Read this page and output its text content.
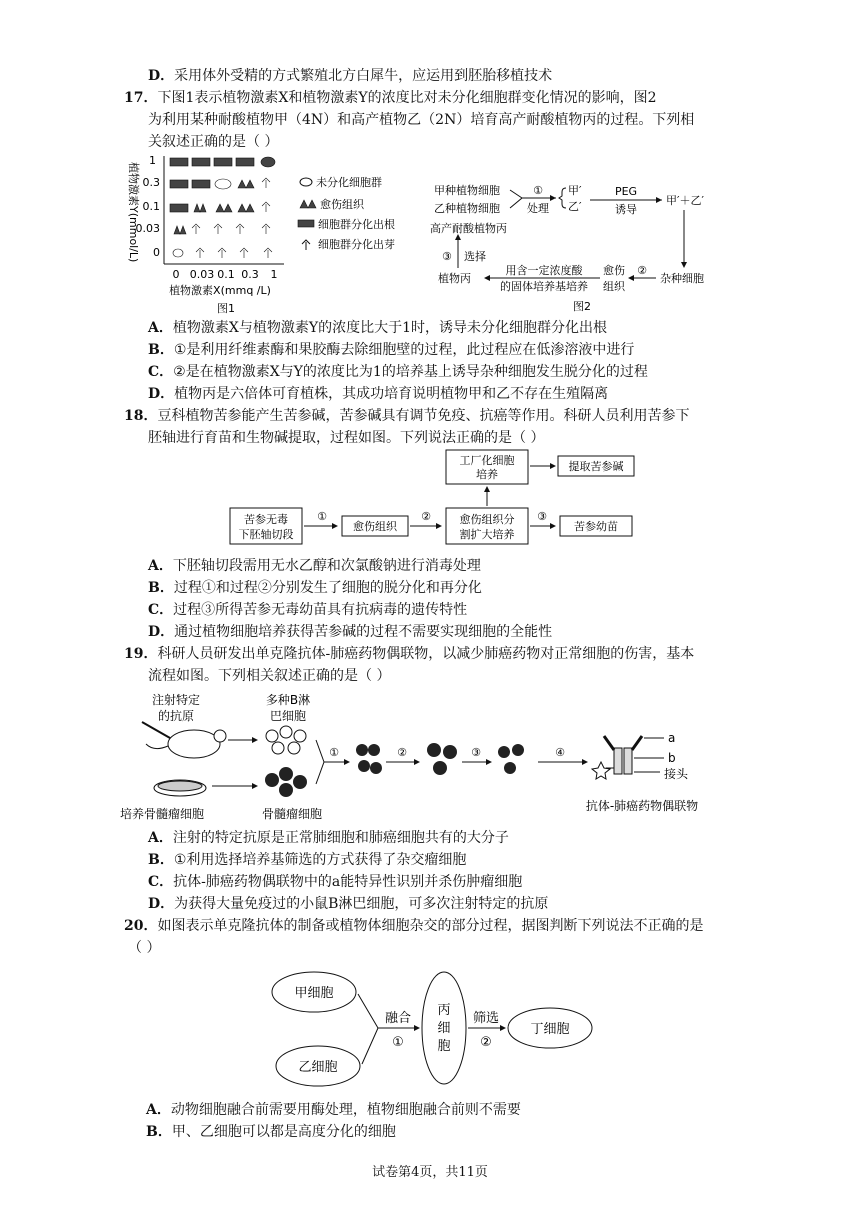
D．采用体外受精的方式繁殖北方白犀牛，应运用到胚胎移植技术
17．下图1表示植物激素X和植物激素Y的浓度比对未分化细胞群变化情况的影响，图2
为利用某种耐酸植物甲（4N）和高产植物乙（2N）培育高产耐酸植物丙的过程。下列相
关叙述正确的是（ ）
植物激素Y(mmol/L)
1
0.3
0.1
0.03
0
0 0.03 0.1 0.3 1
植物激素X(mmq /L)
图1
未分化细胞群
愈伤组织
细胞群分化出根
细胞群分化出芽
甲种植物细胞
乙种植物细胞
①
处理
甲′
乙′
PEG
诱导
甲′＋乙′
杂种细胞
②
愈伤
组织
用含一定浓度酸
的固体培养基培养
植物丙
③ 选择
高产耐酸植物丙
图2
A．植物激素X与植物激素Y的浓度比大于1时，诱导未分化细胞群分化出根
B．①是利用纤维素酶和果胶酶去除细胞壁的过程，此过程应在低渗溶液中进行
C．②是在植物激素X与Y的浓度比为1的培养基上诱导杂种细胞发生脱分化的过程
D．植物丙是六倍体可育植株，其成功培育说明植物甲和乙不存在生殖隔离
18．豆科植物苦参能产生苦参碱，苦参碱具有调节免疫、抗癌等作用。科研人员利用苦参下
胚轴进行育苗和生物碱提取，过程如图。下列说法正确的是（ ）
工厂化细胞
培养
提取苦参碱
苦参无毒
下胚轴切段
①
愈伤组织
②	愈伤组织分
割扩大培养
③
苦参幼苗
A．下胚轴切段需用无水乙醇和次氯酸钠进行消毒处理
B．过程①和过程②分别发生了细胞的脱分化和再分化
C．过程③所得苦参无毒幼苗具有抗病毒的遗传特性
D．通过植物细胞培养获得苦参碱的过程不需要实现细胞的全能性
19．科研人员研发出单克隆抗体-肺癌药物偶联物，以减少肺癌药物对正常细胞的伤害，基本
流程如图。下列相关叙述正确的是（ ）
注射特定
的抗原
多种B淋
巴细胞
培养骨髓瘤细胞	骨髓瘤细胞
①	②	③	④
a
b
接头
抗体-肺癌药物偶联物
A．注射的特定抗原是正常肺细胞和肺癌细胞共有的大分子
B．①利用选择培养基筛选的方式获得了杂交瘤细胞
C．抗体-肺癌药物偶联物中的a能特异性识别并杀伤肿瘤细胞
D．为获得大量免疫过的小鼠B淋巴细胞，可多次注射特定的抗原
20．如图表示单克隆抗体的制备或植物体细胞杂交的部分过程，据图判断下列说法不正确的是
（ ）
甲细胞
乙细胞
融合
①
丙
细
胞
筛选
②
丁细胞
A．动物细胞融合前需要用酶处理，植物细胞融合前则不需要
B．甲、乙细胞可以都是高度分化的细胞
试卷第4页，共11页
